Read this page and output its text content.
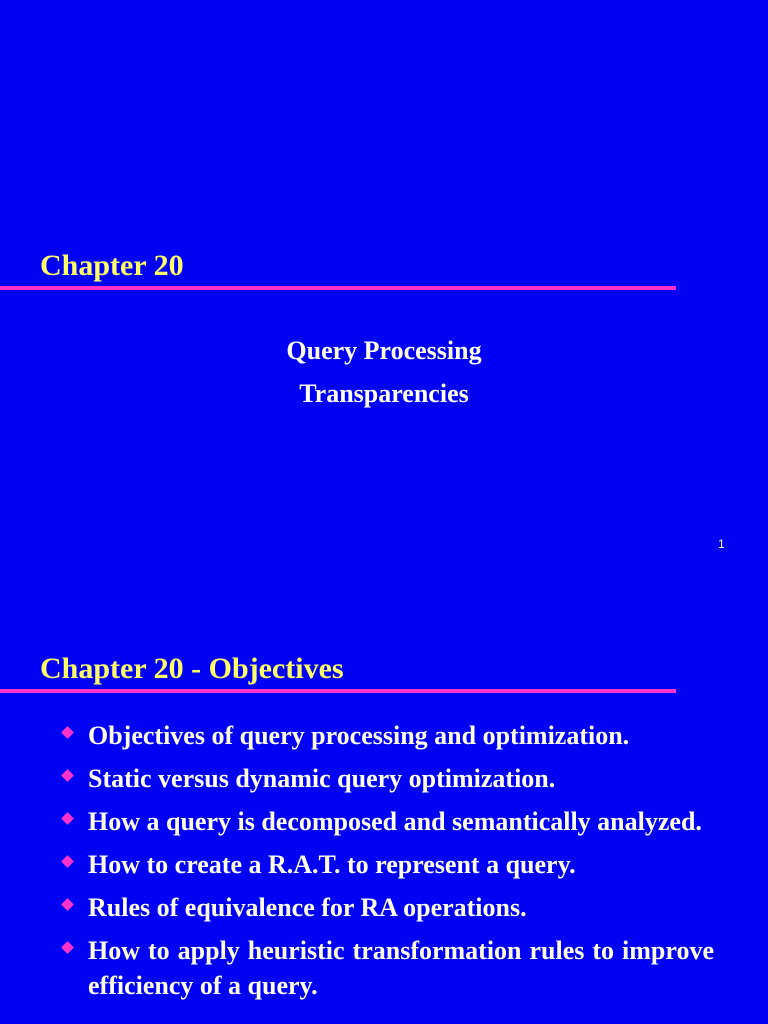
Chapter 20
Query Processing
Transparencies
1
Chapter 20 - Objectives
Objectives of query processing and optimization.
Static versus dynamic query optimization.
How a query is decomposed and semantically analyzed.
How to create a R.A.T. to represent a query.
Rules of equivalence for RA operations.
How to apply heuristic transformation rules to improve efficiency of a query.
